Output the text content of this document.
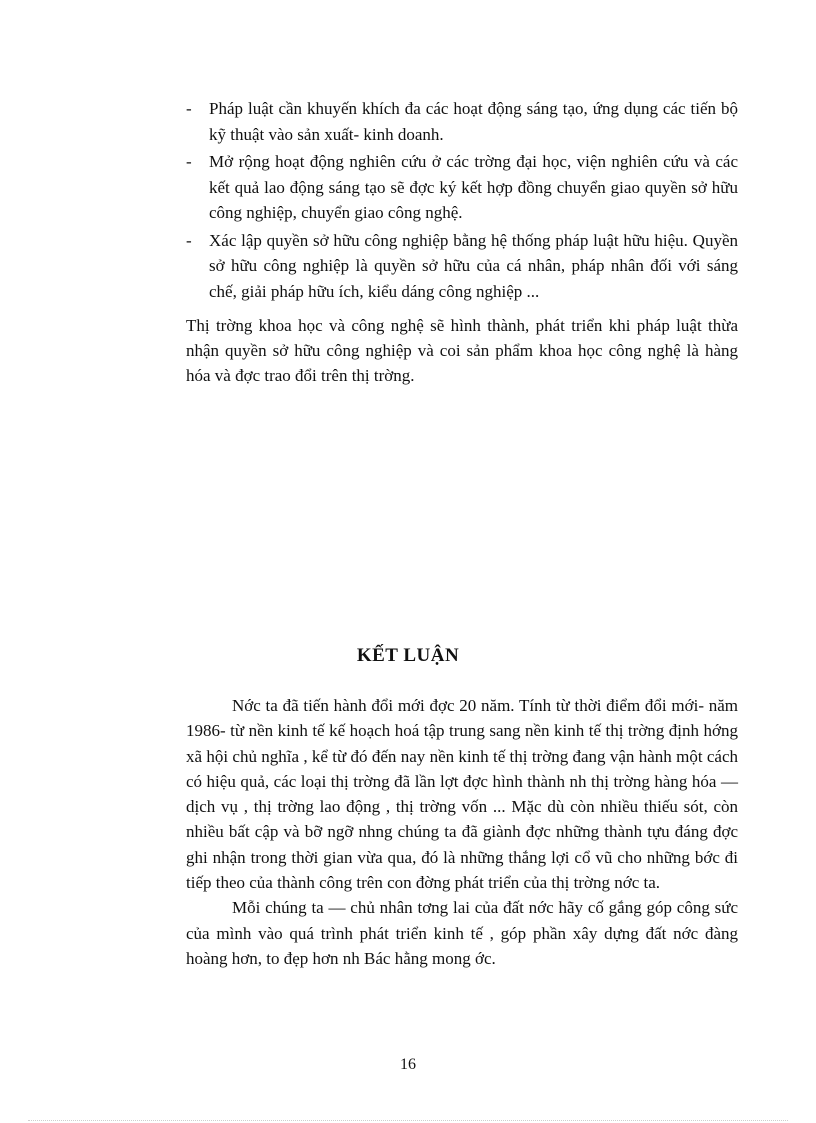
- Pháp luật cần khuyến khích đa các hoạt động sáng tạo, ứng dụng các tiến bộ kỹ thuật vào sản xuất- kinh doanh.

- Mở rộng hoạt động nghiên cứu ở các trờng đại học, viện nghiên cứu và các kết quả lao động sáng tạo sẽ đợc ký kết hợp đồng chuyển giao quyền sở hữu công nghiệp, chuyển giao công nghệ.

- Xác lập quyền sở hữu công nghiệp bằng hệ thống pháp luật hữu hiệu. Quyền sở hữu công nghiệp là quyền sở hữu của cá nhân, pháp nhân đối với sáng chế, giải pháp hữu ích, kiểu dáng công nghiệp ...

Thị trờng khoa học và công nghệ sẽ hình thành, phát triển khi pháp luật thừa nhận quyền sở hữu công nghiệp và coi sản phẩm khoa học công nghệ là hàng hóa và đợc trao đổi trên thị trờng.

KẾT LUẬN

Nớc ta đã tiến hành đổi mới đợc 20 năm. Tính từ thời điểm đổi mới- năm 1986- từ nền kinh tế kế hoạch hoá tập trung sang nền kinh tế thị trờng định hớng xã hội chủ nghĩa , kể từ đó đến nay nền kinh tế thị trờng đang vận hành một cách có hiệu quả, các loại thị trờng đã lần lợt đợc hình thành nh thị trờng hàng hóa — dịch vụ , thị trờng lao động , thị trờng vốn ... Mặc dù còn nhiều thiếu sót, còn nhiều bất cập và bỡ ngỡ nhng chúng ta đã giành đợc những thành tựu đáng đợc ghi nhận trong thời gian vừa qua, đó là những thắng lợi cổ vũ cho những bớc đi tiếp theo của thành công trên con đờng phát triển của thị trờng nớc ta.

Mỗi chúng ta — chủ nhân tơng lai của đất nớc hãy cố gắng góp công sức của mình vào quá trình phát triển kinh tế , góp phần xây dựng đất nớc đàng hoàng hơn, to đẹp hơn nh Bác hằng mong ớc.

16
